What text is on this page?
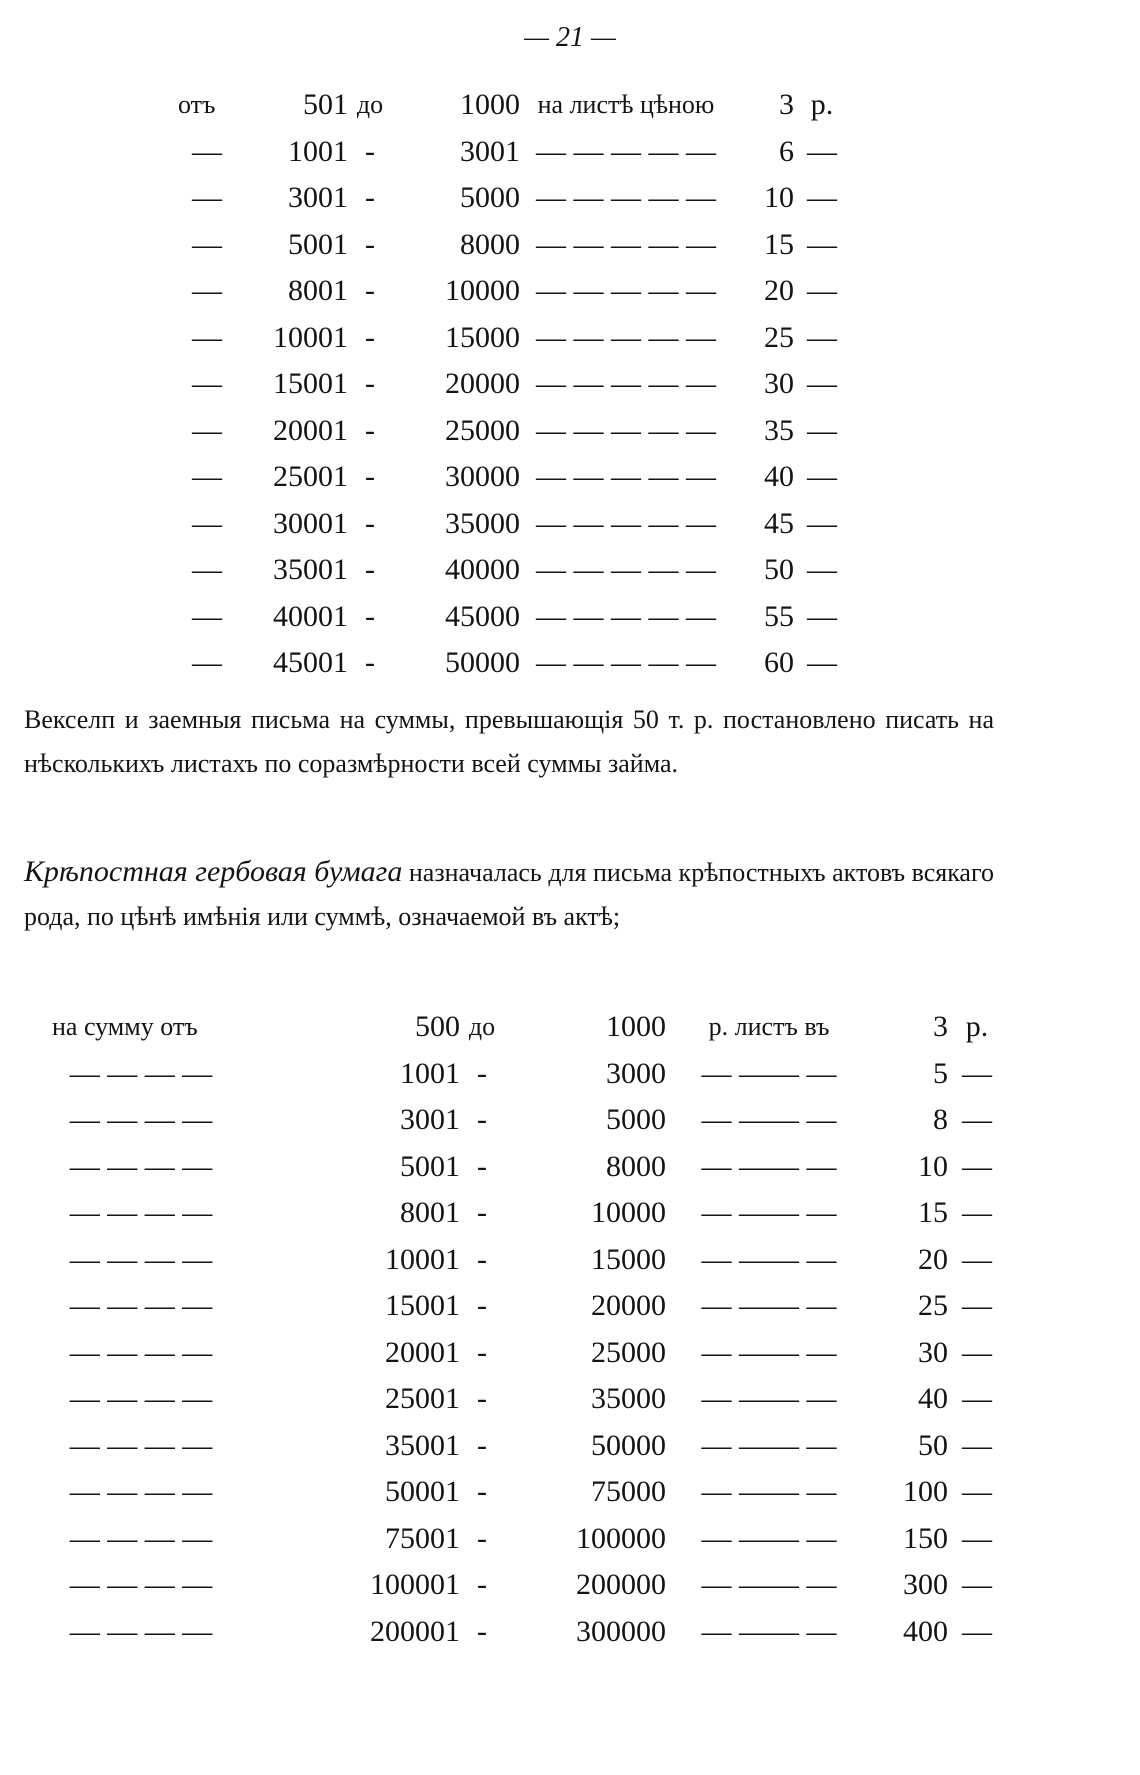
— 21 —
отъ	501	до	1000	на листѣ цѣною	3	р.
—	1001	-	3001	— — — — —	6	—
—	3001	-	5000	— — — — —	10	—
—	5001	-	8000	— — — — —	15	—
—	8001	-	10000	— — — — —	20	—
—	10001	-	15000	— — — — —	25	—
—	15001	-	20000	— — — — —	30	—
—	20001	-	25000	— — — — —	35	—
—	25001	-	30000	— — — — —	40	—
—	30001	-	35000	— — — — —	45	—
—	35001	-	40000	— — — — —	50	—
—	40001	-	45000	— — — — —	55	—
—	45001	-	50000	— — — — —	60	—
Векселп и заемныя письма на суммы, превышающія 50 т. р. постановлено писать на нѣсколькихъ листахъ по соразмѣрности всей суммы займа.
Крѣпостная гербовая бумага назначалась для письма крѣпостныхъ актовъ всякаго рода, по цѣнѣ имѣнія или суммѣ, означаемой въ актѣ;
на сумму отъ	500	до	1000	р. листъ въ	3	р.
— — — —	1001	-	3000	— —— —	5	—
— — — —	3001	-	5000	— —— —	8	—
— — — —	5001	-	8000	— —— —	10	—
— — — —	8001	-	10000	— —— —	15	—
— — — —	10001	-	15000	— —— —	20	—
— — — —	15001	-	20000	— —— —	25	—
— — — —	20001	-	25000	— —— —	30	—
— — — —	25001	-	35000	— —— —	40	—
— — — —	35001	-	50000	— —— —	50	—
— — — —	50001	-	75000	— —— —	100	—
— — — —	75001	-	100000	— —— —	150	—
— — — —	100001	-	200000	— —— —	300	—
— — — —	200001	-	300000	— —— —	400	—
